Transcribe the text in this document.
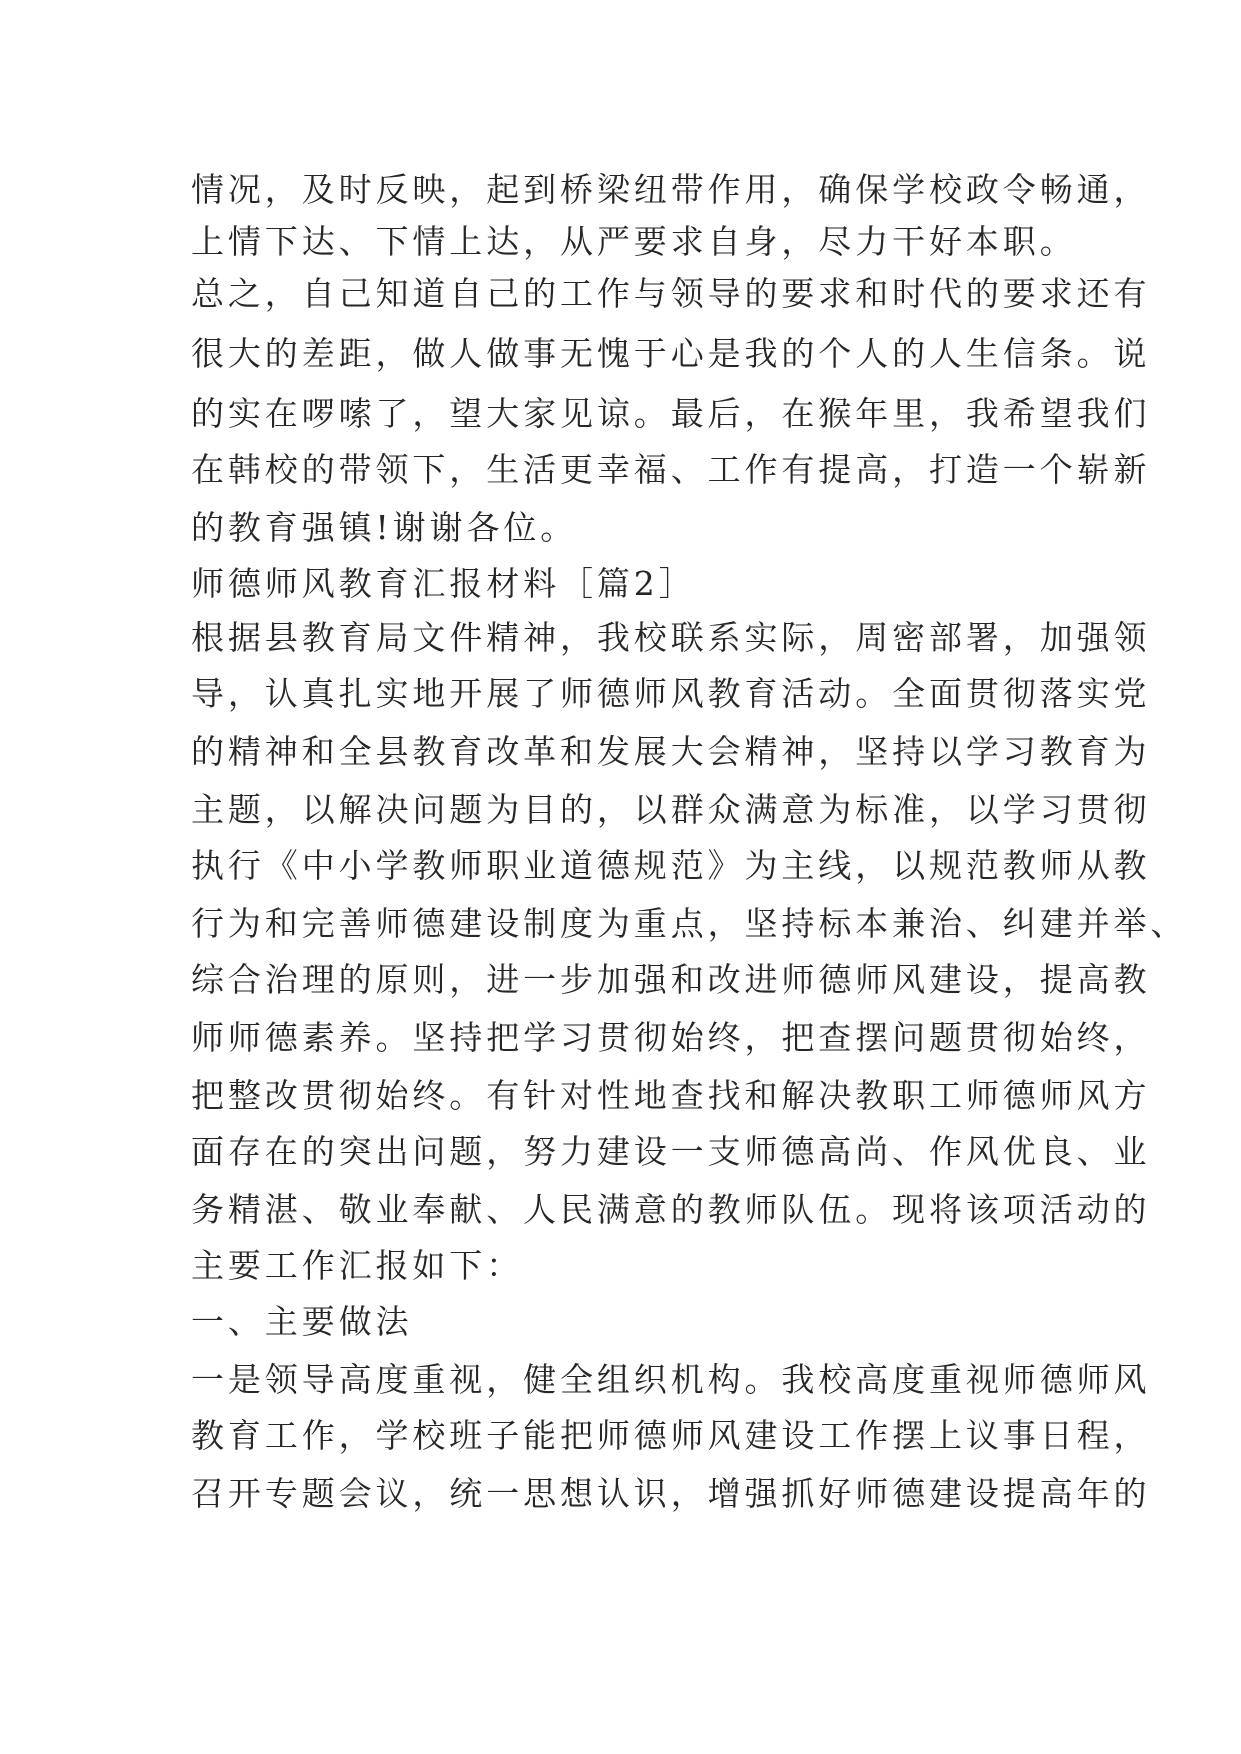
情况，及时反映，起到桥梁纽带作用，确保学校政令畅通，
上情下达、下情上达，从严要求自身，尽力干好本职。
总之，自己知道自己的工作与领导的要求和时代的要求还有
很大的差距，做人做事无愧于心是我的个人的人生信条。说
的实在啰嗦了，望大家见谅。最后，在猴年里，我希望我们
在韩校的带领下，生活更幸福、工作有提高，打造一个崭新
的教育强镇!谢谢各位。
师德师风教育汇报材料［篇2］
根据县教育局文件精神，我校联系实际，周密部署，加强领
导，认真扎实地开展了师德师风教育活动。全面贯彻落实党
的精神和全县教育改革和发展大会精神，坚持以学习教育为
主题，以解决问题为目的，以群众满意为标准，以学习贯彻
执行《中小学教师职业道德规范》为主线，以规范教师从教
行为和完善师德建设制度为重点，坚持标本兼治、纠建并举、
综合治理的原则，进一步加强和改进师德师风建设，提高教
师师德素养。坚持把学习贯彻始终，把查摆问题贯彻始终，
把整改贯彻始终。有针对性地查找和解决教职工师德师风方
面存在的突出问题，努力建设一支师德高尚、作风优良、业
务精湛、敬业奉献、人民满意的教师队伍。现将该项活动的
主要工作汇报如下：
一、主要做法
一是领导高度重视，健全组织机构。我校高度重视师德师风
教育工作，学校班子能把师德师风建设工作摆上议事日程，
召开专题会议，统一思想认识，增强抓好师德建设提高年的
